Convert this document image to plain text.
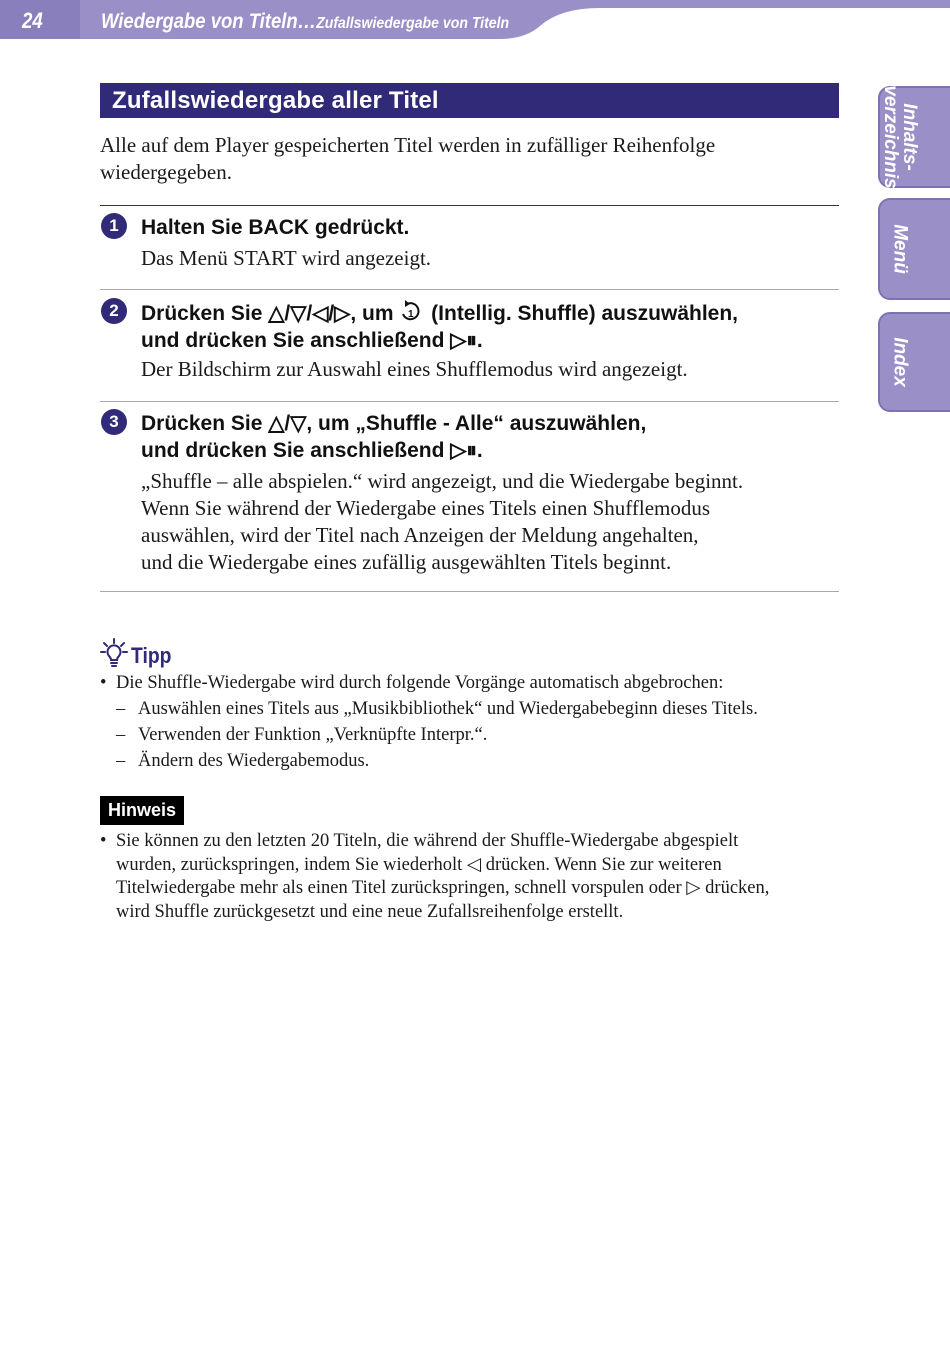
24	Wiedergabe von Titeln…Zufallswiedergabe von Titeln
Inhalts-
verzeichnis
Menü
Index
Zufallswiedergabe aller Titel
Alle auf dem Player gespeicherten Titel werden in zufälliger Reihenfolge wiedergegeben.
1	Halten Sie BACK gedrückt.
Das Menü START wird angezeigt.
2	Drücken Sie △/▽/◁/▷, um 1 (Intellig. Shuffle) auszuwählen,
und drücken Sie anschließend ▷⏸.
Der Bildschirm zur Auswahl eines Shufflemodus wird angezeigt.
3	Drücken Sie △/▽, um „Shuffle - Alle“ auszuwählen,
und drücken Sie anschließend ▷⏸.
„Shuffle – alle abspielen.“ wird angezeigt, und die Wiedergabe beginnt.
Wenn Sie während der Wiedergabe eines Titels einen Shufflemodus
auswählen, wird der Titel nach Anzeigen der Meldung angehalten,
und die Wiedergabe eines zufällig ausgewählten Titels beginnt.
Tipp
• Die Shuffle-Wiedergabe wird durch folgende Vorgänge automatisch abgebrochen:
– Auswählen eines Titels aus „Musikbibliothek“ und Wiedergabebeginn dieses Titels.
– Verwenden der Funktion „Verknüpfte Interpr.“.
– Ändern des Wiedergabemodus.
Hinweis
• Sie können zu den letzten 20 Titeln, die während der Shuffle-Wiedergabe abgespielt
wurden, zurückspringen, indem Sie wiederholt ◁ drücken. Wenn Sie zur weiteren
Titelwiedergabe mehr als einen Titel zurückspringen, schnell vorspulen oder ▷ drücken,
wird Shuffle zurückgesetzt und eine neue Zufallsreihenfolge erstellt.
